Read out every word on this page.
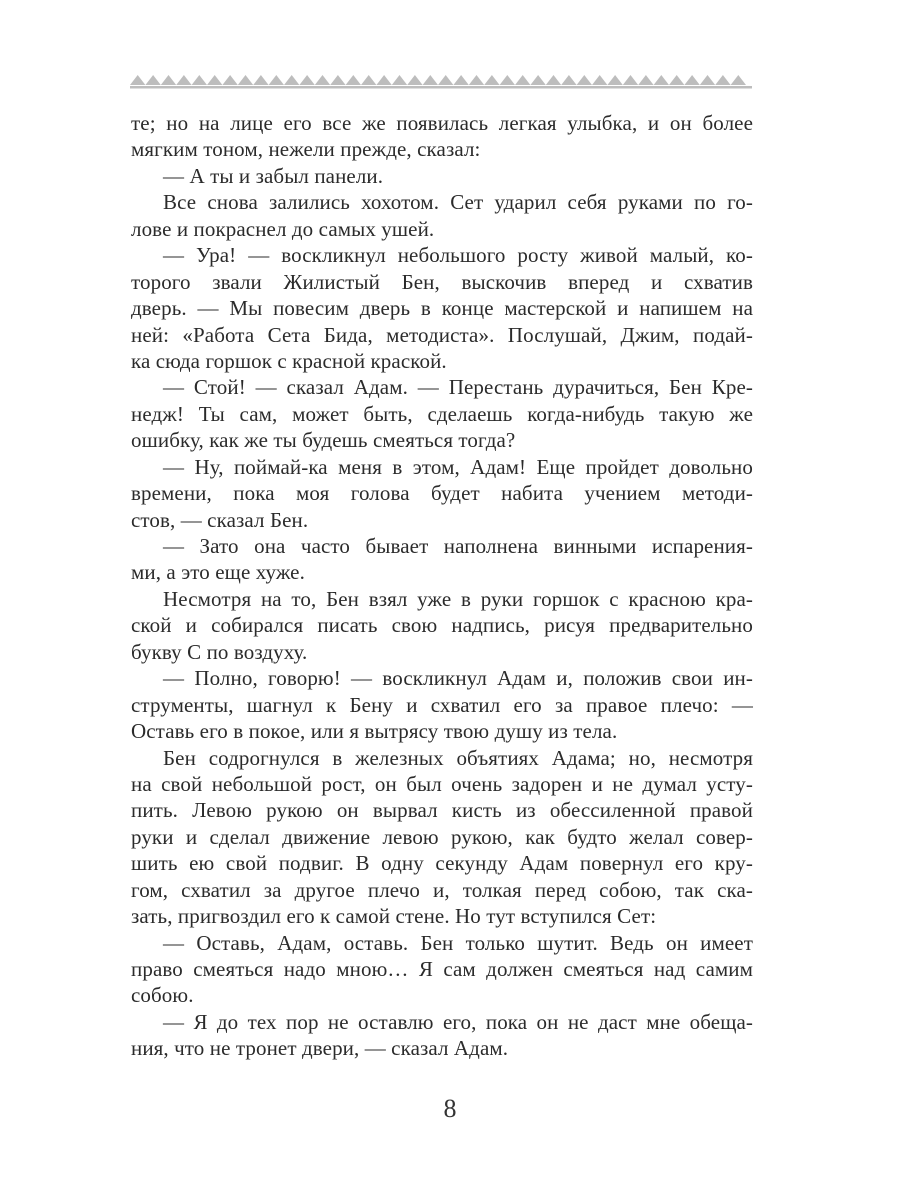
те; но на лице его все же появилась легкая улыбка, и он более
мягким тоном, нежели прежде, сказал:
— А ты и забыл панели.
Все снова залились хохотом. Сет ударил себя руками по го-
лове и покраснел до самых ушей.
— Ура! — воскликнул небольшого росту живой малый, ко-
торого звали Жилистый Бен, выскочив вперед и схватив
дверь. — Мы повесим дверь в конце мастерской и напишем на
ней: «Работа Сета Бида, методиста». Послушай, Джим, подай-
ка сюда горшок с красной краской.
— Стой! — сказал Адам. — Перестань дурачиться, Бен Кре-
недж! Ты сам, может быть, сделаешь когда-нибудь такую же
ошибку, как же ты будешь смеяться тогда?
— Ну, поймай-ка меня в этом, Адам! Еще пройдет довольно
времени, пока моя голова будет набита учением методи-
стов, — сказал Бен.
— Зато она часто бывает наполнена винными испарения-
ми, а это еще хуже.
Несмотря на то, Бен взял уже в руки горшок с красною кра-
ской и собирался писать свою надпись, рисуя предварительно
букву С по воздуху.
— Полно, говорю! — воскликнул Адам и, положив свои ин-
струменты, шагнул к Бену и схватил его за правое плечо: —
Оставь его в покое, или я вытрясу твою душу из тела.
Бен содрогнулся в железных объятиях Адама; но, несмотря
на свой небольшой рост, он был очень задорен и не думал усту-
пить. Левою рукою он вырвал кисть из обессиленной правой
руки и сделал движение левою рукою, как будто желал совер-
шить ею свой подвиг. В одну секунду Адам повернул его кру-
гом, схватил за другое плечо и, толкая перед собою, так ска-
зать, пригвоздил его к самой стене. Но тут вступился Сет:
— Оставь, Адам, оставь. Бен только шутит. Ведь он имеет
право смеяться надо мною… Я сам должен смеяться над самим
собою.
— Я до тех пор не оставлю его, пока он не даст мне обеща-
ния, что не тронет двери, — сказал Адам.
8
